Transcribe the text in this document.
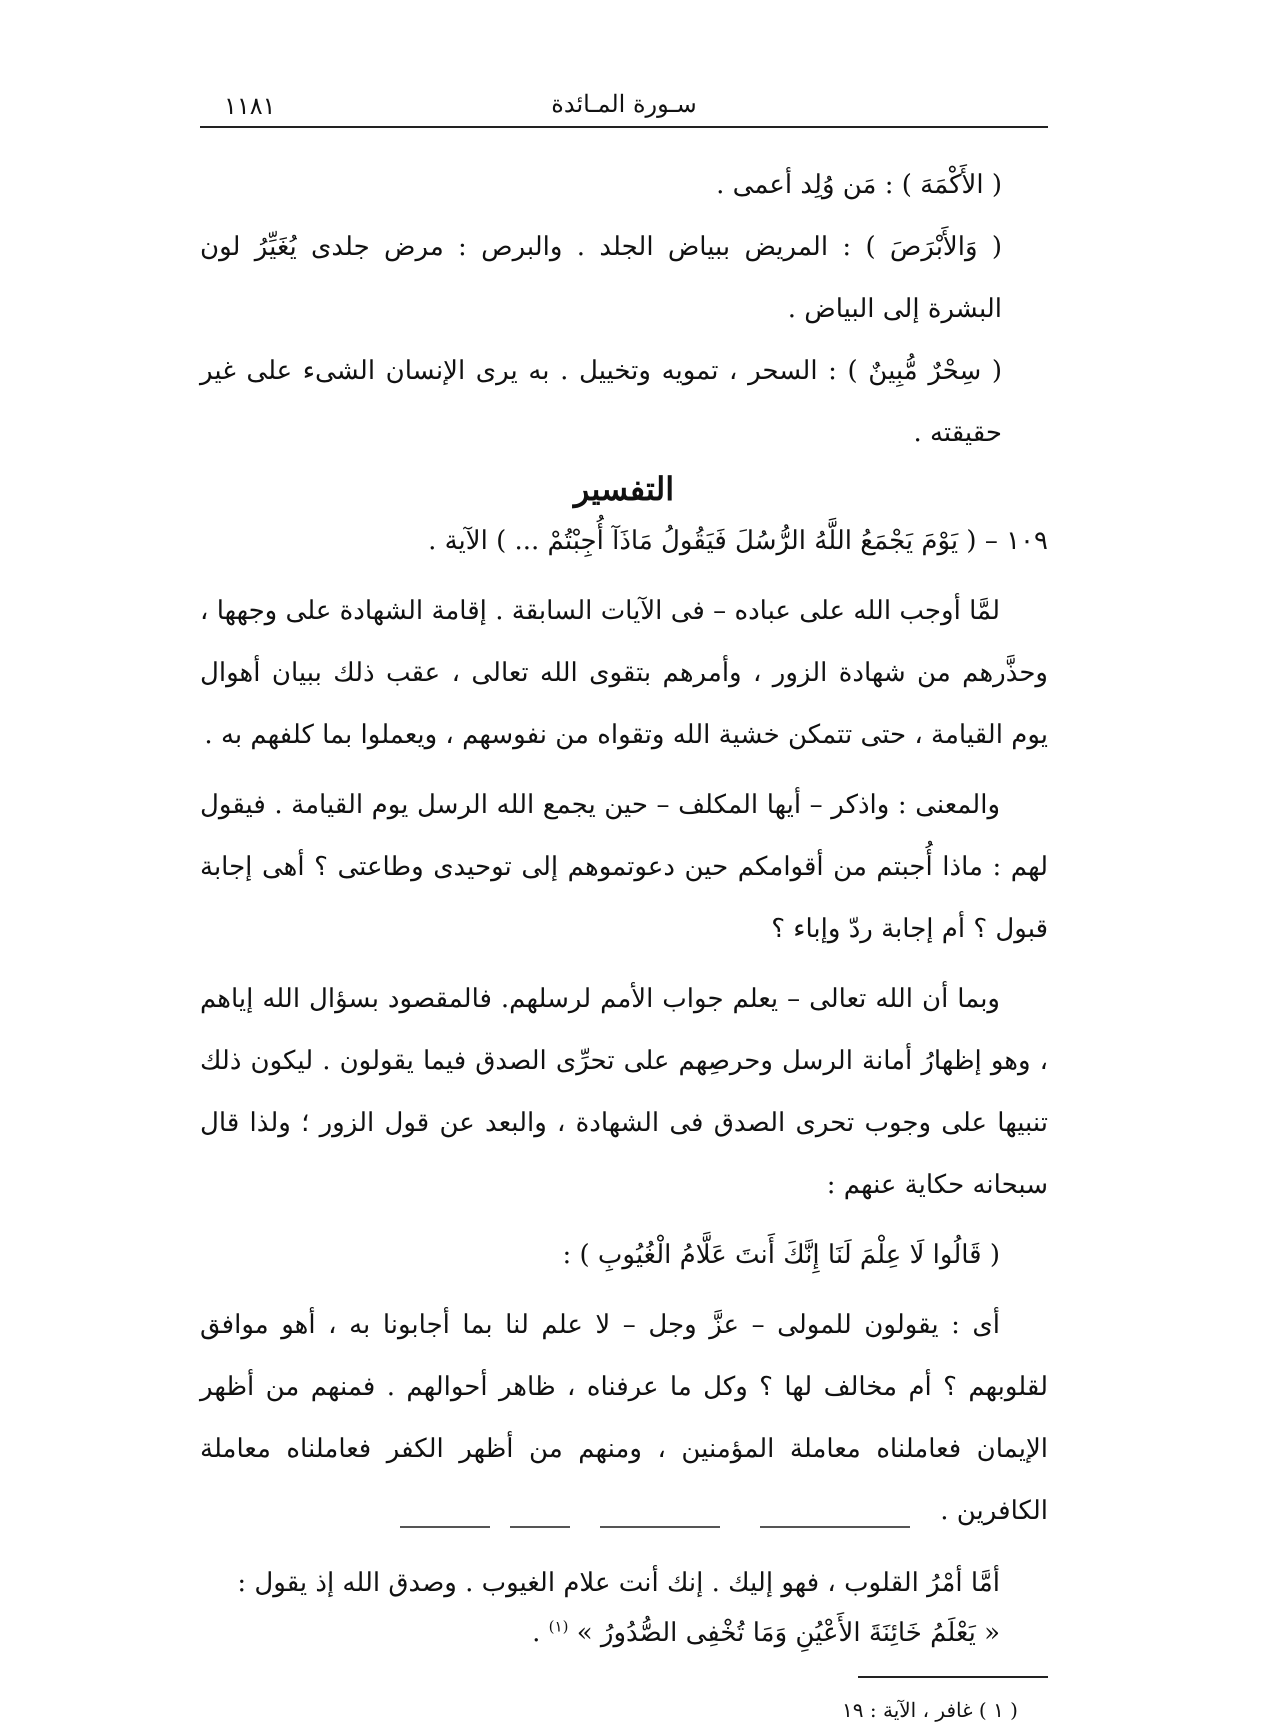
١١٨١	سـورة المـائدة
( الأَكْمَهَ ) : مَن وُلِد أعمى .
( وَالأَبْرَصَ ) : المريض ببياض الجلد . والبرص : مرض جلدى يُغَيِّرُ لون البشرة إلى البياض .
( سِحْرٌ مُّبِينٌ ) : السحر ، تمويه وتخييل . به يرى الإنسان الشىء على غير حقيقته .
التفسير
١٠٩ – ( يَوْمَ يَجْمَعُ اللَّهُ الرُّسُلَ فَيَقُولُ مَاذَآ أُجِبْتُمْ ... ) الآية .
لمَّا أوجب الله على عباده – فى الآيات السابقة . إقامة الشهادة على وجهها ، وحذَّرهم من شهادة الزور ، وأمرهم بتقوى الله تعالى ، عقب ذلك ببيان أهوال يوم القيامة ، حتى تتمكن خشية الله وتقواه من نفوسهم ، ويعملوا بما كلفهم به .
والمعنى : واذكر – أيها المكلف – حين يجمع الله الرسل يوم القيامة . فيقول لهم : ماذا أُجبتم من أقوامكم حين دعوتموهم إلى توحيدى وطاعتى ؟ أهى إجابة قبول ؟ أم إجابة ردّ وإباء ؟
وبما أن الله تعالى – يعلم جواب الأمم لرسلهم. فالمقصود بسؤال الله إياهم ، وهو إظهارُ أمانة الرسل وحرصِهم على تحرِّى الصدق فيما يقولون . ليكون ذلك تنبيها على وجوب تحرى الصدق فى الشهادة ، والبعد عن قول الزور ؛ ولذا قال سبحانه حكاية عنهم :
( قَالُوا لَا عِلْمَ لَنَا إِنَّكَ أَنتَ عَلَّامُ الْغُيُوبِ ) :
أى : يقولون للمولى – عزَّ وجل – لا علم لنا بما أجابونا به ، أهو موافق لقلوبهم ؟ أم مخالف لها ؟ وكل ما عرفناه ، ظاهر أحوالهم . فمنهم من أظهر الإيمان فعاملناه معاملة المؤمنين ، ومنهم من أظهر الكفر فعاملناه معاملة الكافرين .
أمَّا أمْرُ القلوب ، فهو إليك . إنك أنت علام الغيوب . وصدق الله إذ يقول :
« يَعْلَمُ خَائِنَةَ الأَعْيُنِ وَمَا تُخْفِى الصُّدُورُ » $^{(١)}$ .
( ١ ) غافر ، الآية : ١٩
